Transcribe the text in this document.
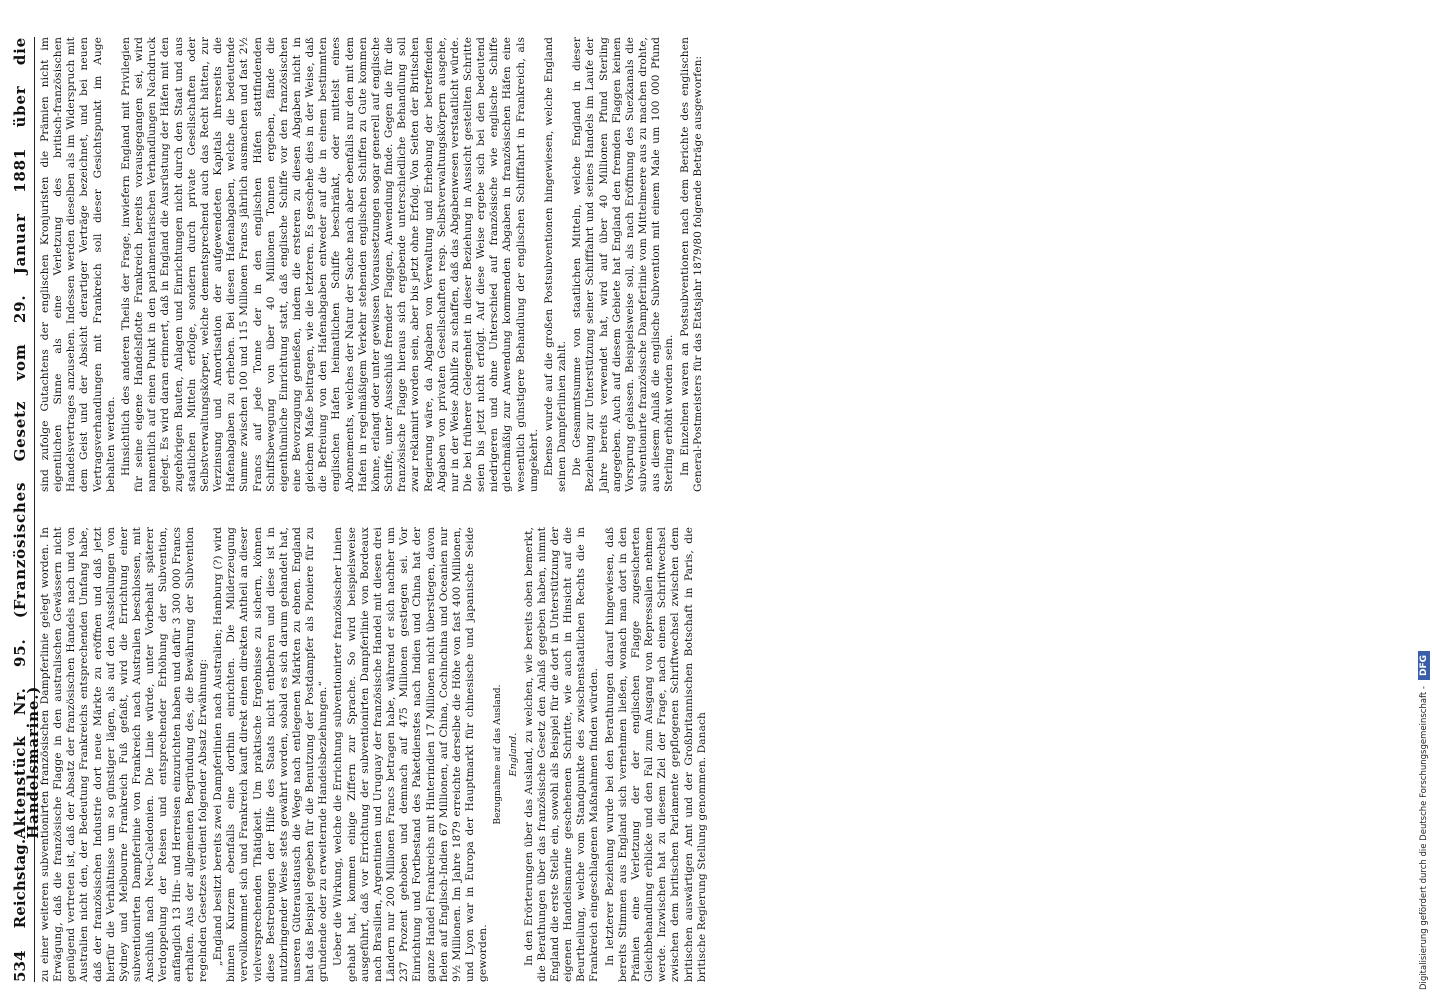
534
Reichstag.
Aktenstück Nr. 95. (Französisches Gesetz vom 29. Januar 1881 über die Handelsmarine.)

zu einer weiteren subventionirten französischen Dampferlinie gelegt worden. In Erwägung, daß die französische Flagge in den australischen Gewässern nicht genügend vertreten ist, daß der Absatz der französischen Handels nach und von Australien nicht den, der Bedeutung Frankreichs entsprechenden Umfang habe, daß der französischen Industrie dort neue Märkte zu eröffnen und daß jetzt hierfür die Verhältnisse um so günstiger lägen, als auf den Ausstellungen von Sydney und Melbourne Frankreich Fuß gefaßt, wird die Errichtung einer subventionirten Dampferlinie von Frankreich nach Australien beschlossen, mit Anschluß nach Neu-Caledonien. Die Linie würde, unter Vorbehalt späterer Verdoppelung der Reisen und entsprechender Erhöhung der Subvention, anfänglich 13 Hin- und Herreisen einzurichten haben und dafür 3 300 000 Francs erhalten. Aus der allgemeinen Begründung des, die Bewährung der Subvention regelnden Gesetzes verdient folgender Absatz Erwähnung: „England besitzt bereits zwei Dampferlinien nach Australien; Hamburg (?) wird binnen Kurzem ebenfalls eine dorthin einrichten. Die Milderzeugung vervollkommnet sich und Frankreich kauft direkt einen direkten Antheil an dieser vielversprechenden Thätigkeit. Um praktische Ergebnisse zu sichern, können diese Bestrebungen der Hilfe des Staats nicht entbehren und diese ist in nutzbringender Weise stets gewährt worden, sobald es sich darum gehandelt hat, unseren Güteraustausch die Wege nach entlegenen Märkten zu ebnen. England hat das Beispiel gegeben für die Benutzung der Postdampfer als Pioniere für zu gründende oder zu erweiternde Handelsbeziehungen.“ Ueber die Wirkung, welche die Errichtung subventionirter französischer Linien gehabt hat, kommen einige Ziffern zur Sprache. So wird beispielsweise ausgeführt, daß vor Errichtung der subventionirten Dampferlinie von Bordeaux nach Brasilien, Argentinien und Uruguay der französische Handel mit diesen drei Ländern nur 200 Millionen Francs betragen habe, während er sich nachher um 237 Prozent gehoben und demnach auf 475 Millionen gestiegen sei. Vor Einrichtung und Fortbestand des Paketdienstes nach Indien und China hat der ganze Handel Frankreichs mit Hinterindien 17 Millionen nicht überstiegen, davon fielen auf Englisch-Indien 67 Millionen, auf China, Cochinchina und Oceanien nur 9½ Millionen. Im Jahre 1879 erreichte derselbe die Höhe von fast 400 Millionen, und Lyon war in Europa der Hauptmarkt für chinesische und japanische Seide geworden.

Bezugnahme auf das Ausland. England. In den Erörterungen über das Ausland, zu welchen, wie bereits oben bemerkt, die Berathungen über das französische Gesetz den Anlaß gegeben haben, nimmt England die erste Stelle ein, sowohl als Beispiel für die dort in Unterstützung der eigenen Handelsmarine geschehenen Schritte, wie auch in Hinsicht auf die Beurtheilung, welche vom Standpunkte des zwischenstaatlichen Rechts die in Frankreich eingeschlagenen Maßnahmen finden würden. In letzterer Beziehung wurde bei den Berathungen darauf hingewiesen, daß bereits Stimmen aus England sich vernehmen ließen, wonach man dort in den Prämien eine Verletzung der der englischen Flagge zugesicherten Gleichbehandlung erblicke und den Fall zum Ausgang von Repressalien nehmen werde. Inzwischen hat zu diesem Ziel der Frage, nach einem Schriftwechsel zwischen dem britischen Parlamente gepflogenen Schriftwechsel zwischen dem britischen auswärtigen Amt und der Großbritannischen Botschaft in Paris, die britische Regierung Stellung genommen. Danach

sind zufolge Gutachtens der englischen Kronjuristen die Prämien nicht im eigentlichen Sinne als eine Verletzung des britisch-französischen Handelsvertrages anzusehen. Indessen werden dieselben als im Widerspruch mit dem Geist und der Absicht derartiger Verträge bezeichnet, und bei neuen Vertragsverhandlungen mit Frankreich soll dieser Gesichtspunkt im Auge behalten werden. Hinsichtlich des anderen Theils der Frage, inwiefern England mit Privilegien für seine eigene Handelsflotte Frankreich bereits vorausgegangen sei, wird namentlich auf einen Punkt in den parlamentarischen Verhandlungen Nachdruck gelegt. Es wird daran erinnert, daß in England die Ausrüstung der Häfen mit den zugehörigen Bauten, Anlagen und Einrichtungen nicht durch den Staat und aus staatlichen Mitteln erfolge, sondern durch private Gesellschaften oder Selbstverwaltungskörper, welche dementsprechend auch das Recht hätten, zur Verzinsung und Amortisation der aufgewendeten Kapitals ihrerseits die Hafenabgaben zu erheben. Bei diesen Hafenabgaben, welche die bedeutende Summe zwischen 100 und 115 Millionen Francs jährlich ausmachen und fast 2½ Francs auf jede Tonne der in den englischen Häfen stattfindenden Schiffsbewegung von über 40 Millionen Tonnen ergeben, fände die eigenthümliche Einrichtung statt, daß englische Schiffe vor den französischen eine Bevorzugung genießen, indem die ersteren zu diesen Abgaben nicht in gleichem Maße beitragen, wie die letzteren. Es geschehe dies in der Weise, daß die Befreiung von den Hafenabgaben entweder auf die in einem bestimmten englischen Hafen heimatlichen Schiffe beschränkt, oder mittelst eines Abonnements, welches der Natur der Sache nach aber ebenfalls nur den mit dem Hafen in regelmäßigem Verkehr stehenden englischen Schiffen zu Gute kommen könne, erlangt oder unter gewissen Voraussetzungen sogar generell auf englische Schiffe, unter Ausschluß fremder Flaggen, Anwendung finde. Gegen die für die französische Flagge hieraus sich ergebende unterschiedliche Behandlung soll zwar reklamirt worden sein, aber bis jetzt ohne Erfolg. Von Seiten der Britischen Regierung wäre, da Abgaben von Verwaltung und Erhebung der betreffenden Abgaben von privaten Gesellschaften resp. Selbstverwaltungskörpern ausgehe, nur in der Weise Abhilfe zu schaffen, daß das Abgabenwesen verstaatlicht würde. Die bei früherer Gelegenheit in dieser Beziehung in Aussicht gestellten Schritte seien bis jetzt nicht erfolgt. Auf diese Weise ergebe sich bei den bedeutend niedrigeren und ohne Unterschied auf französische wie englische Schiffe gleichmäßig zur Anwendung kommenden Abgaben in französischen Häfen eine wesentlich günstigere Behandlung der englischen Schifffahrt in Frankreich, als umgekehrt. Ebenso wurde auf die großen Postsubventionen hingewiesen, welche England seinen Dampferlinien zahlt. Die Gesammtsumme von staatlichen Mitteln, welche England in dieser Beziehung zur Unterstützung seiner Schifffahrt und seines Handels im Laufe der Jahre bereits verwendet hat, wird auf über 40 Millionen Pfund Sterling angegeben. Auch auf diesem Gebiete hat England den fremden Flaggen keinen Vorsprung gelassen. Beispielsweise soll, als nach Eröffnung des Suezkanals die subventionirte französische Dampferlinie vom Mittelmeere aus zu machen drohte, aus diesem Anlaß die englische Subvention mit einem Male um 100 000 Pfund Sterling erhöht worden sein. Im Einzelnen waren an Postsubventionen nach dem Berichte des englischen General-Postmeisters für das Etatsjahr 1879/80 folgende Beträge ausgeworfen:

Digitalisierung gefördert durch die Deutsche Forschungsgemeinschaft -
DFG
